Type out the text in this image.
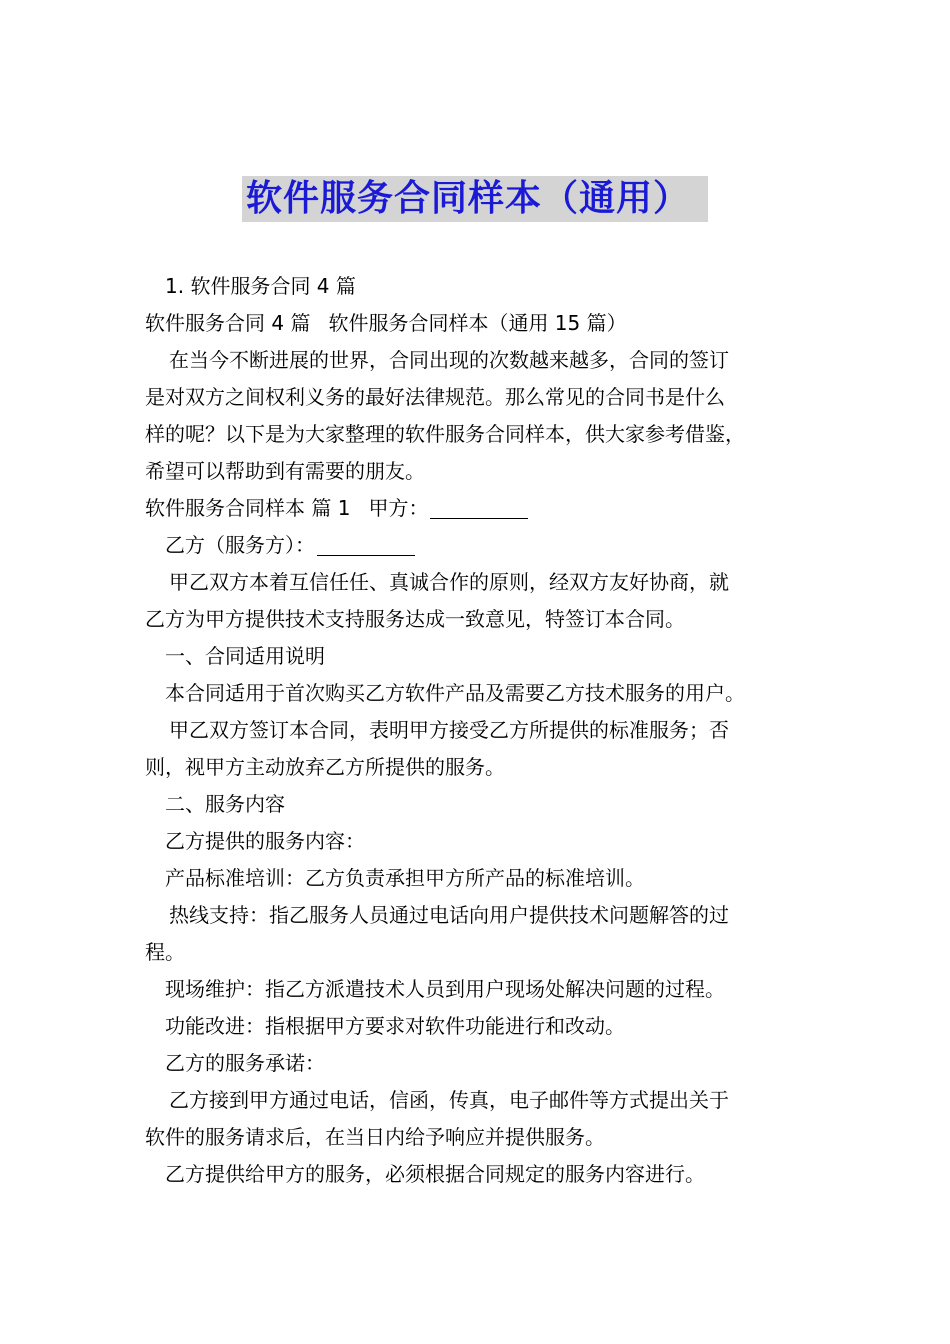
软件服务合同样本（通用）
1. 软件服务合同 4 篇
软件服务合同 4 篇 软件服务合同样本（通用 15 篇）
在当今不断进展的世界，合同出现的次数越来越多，合同的签订
是对双方之间权利义务的最好法律规范。那么常见的合同书是什么
样的呢？以下是为大家整理的软件服务合同样本，供大家参考借鉴，
希望可以帮助到有需要的朋友。
软件服务合同样本 篇 1 甲方：
乙方（服务方）：
甲乙双方本着互信任任、真诚合作的原则，经双方友好协商，就
乙方为甲方提供技术支持服务达成一致意见，特签订本合同。
一、合同适用说明
本合同适用于首次购买乙方软件产品及需要乙方技术服务的用户。
甲乙双方签订本合同，表明甲方接受乙方所提供的标准服务；否
则，视甲方主动放弃乙方所提供的服务。
二、服务内容
乙方提供的服务内容：
产品标准培训：乙方负责承担甲方所产品的标准培训。
热线支持：指乙服务人员通过电话向用户提供技术问题解答的过
程。
现场维护：指乙方派遣技术人员到用户现场处解决问题的过程。
功能改进：指根据甲方要求对软件功能进行和改动。
乙方的服务承诺：
乙方接到甲方通过电话，信函，传真，电子邮件等方式提出关于
软件的服务请求后，在当日内给予响应并提供服务。
乙方提供给甲方的服务，必须根据合同规定的服务内容进行。
